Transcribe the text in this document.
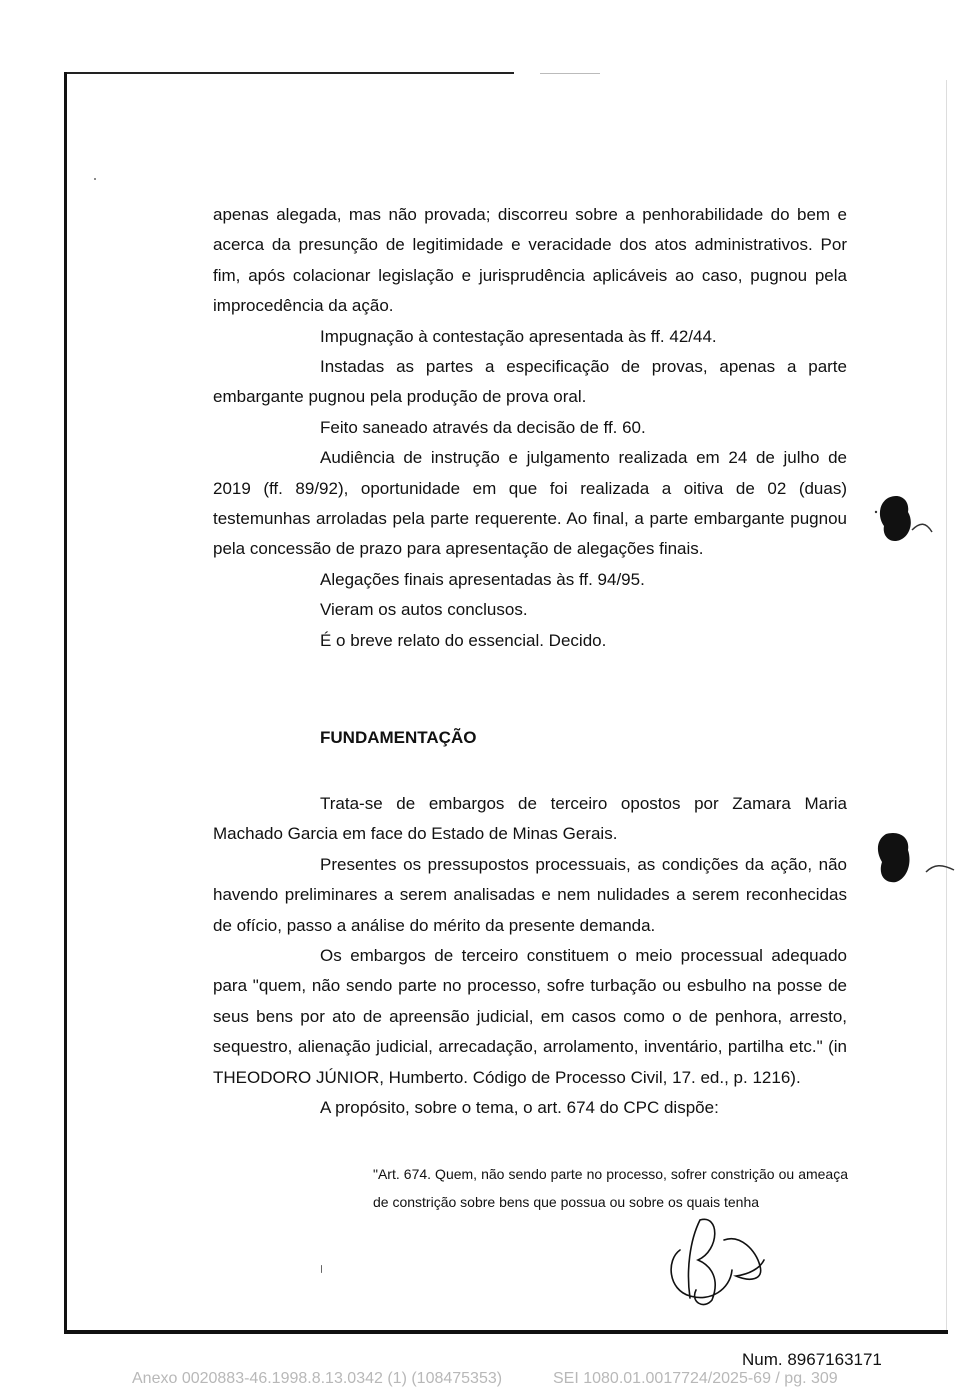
apenas alegada, mas não provada; discorreu sobre a penhorabilidade do bem e acerca da presunção de legitimidade e veracidade dos atos administrativos. Por fim, após colacionar legislação e jurisprudência aplicáveis ao caso, pugnou pela improcedência da ação.

Impugnação à contestação apresentada às ff. 42/44.

Instadas as partes a especificação de provas, apenas a parte embargante pugnou pela produção de prova oral.

Feito saneado através da decisão de ff. 60.

Audiência de instrução e julgamento realizada em 24 de julho de 2019 (ff. 89/92), oportunidade em que foi realizada a oitiva de 02 (duas) testemunhas arroladas pela parte requerente. Ao final, a parte embargante pugnou pela concessão de prazo para apresentação de alegações finais.

Alegações finais apresentadas às ff. 94/95.

Vieram os autos conclusos.

É o breve relato do essencial. Decido.

FUNDAMENTAÇÃO

Trata-se de embargos de terceiro opostos por Zamara Maria Machado Garcia em face do Estado de Minas Gerais.

Presentes os pressupostos processuais, as condições da ação, não havendo preliminares a serem analisadas e nem nulidades a serem reconhecidas de ofício, passo a análise do mérito da presente demanda.

Os embargos de terceiro constituem o meio processual adequado para "quem, não sendo parte no processo, sofre turbação ou esbulho na posse de seus bens por ato de apreensão judicial, em casos como o de penhora, arresto, sequestro, alienação judicial, arrecadação, arrolamento, inventário, partilha etc." (in THEODORO JÚNIOR, Humberto. Código de Processo Civil, 17. ed., p. 1216).

A propósito, sobre o tema, o art. 674 do CPC dispõe:

"Art. 674. Quem, não sendo parte no processo, sofrer constrição ou ameaça de constrição sobre bens que possua ou sobre os quais tenha

Num. 8967163171
Anexo 0020883-46.1998.8.13.0342 (1) (108475353)	SEI 1080.01.0017724/2025-69 / pg. 309
